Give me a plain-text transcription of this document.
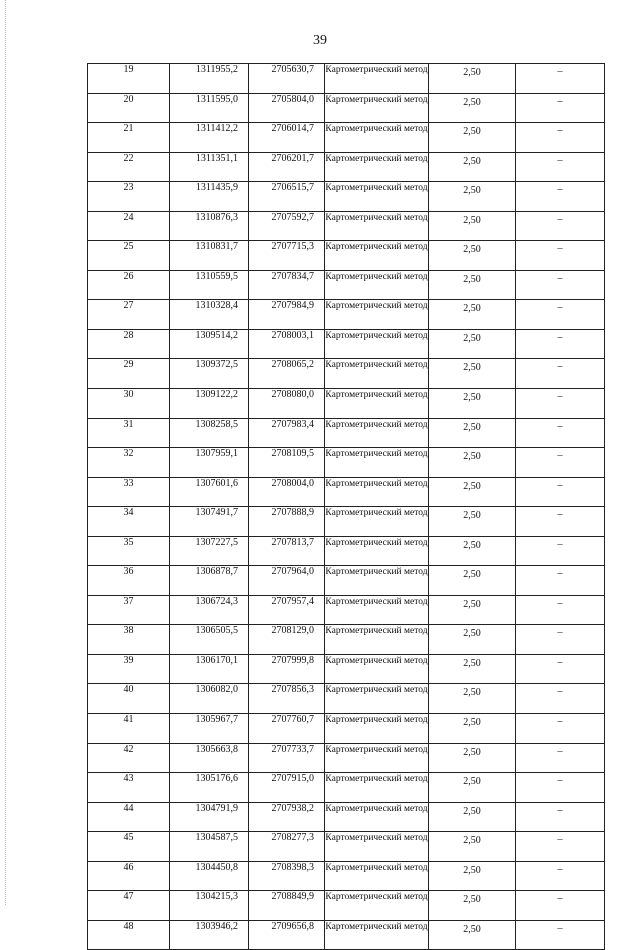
39
19	1311955,2	2705630,7	Картометрический метод	2,50	–
20	1311595,0	2705804,0	Картометрический метод	2,50	–
21	1311412,2	2706014,7	Картометрический метод	2,50	–
22	1311351,1	2706201,7	Картометрический метод	2,50	–
23	1311435,9	2706515,7	Картометрический метод	2,50	–
24	1310876,3	2707592,7	Картометрический метод	2,50	–
25	1310831,7	2707715,3	Картометрический метод	2,50	–
26	1310559,5	2707834,7	Картометрический метод	2,50	–
27	1310328,4	2707984,9	Картометрический метод	2,50	–
28	1309514,2	2708003,1	Картометрический метод	2,50	–
29	1309372,5	2708065,2	Картометрический метод	2,50	–
30	1309122,2	2708080,0	Картометрический метод	2,50	–
31	1308258,5	2707983,4	Картометрический метод	2,50	–
32	1307959,1	2708109,5	Картометрический метод	2,50	–
33	1307601,6	2708004,0	Картометрический метод	2,50	–
34	1307491,7	2707888,9	Картометрический метод	2,50	–
35	1307227,5	2707813,7	Картометрический метод	2,50	–
36	1306878,7	2707964,0	Картометрический метод	2,50	–
37	1306724,3	2707957,4	Картометрический метод	2,50	–
38	1306505,5	2708129,0	Картометрический метод	2,50	–
39	1306170,1	2707999,8	Картометрический метод	2,50	–
40	1306082,0	2707856,3	Картометрический метод	2,50	–
41	1305967,7	2707760,7	Картометрический метод	2,50	–
42	1305663,8	2707733,7	Картометрический метод	2,50	–
43	1305176,6	2707915,0	Картометрический метод	2,50	–
44	1304791,9	2707938,2	Картометрический метод	2,50	–
45	1304587,5	2708277,3	Картометрический метод	2,50	–
46	1304450,8	2708398,3	Картометрический метод	2,50	–
47	1304215,3	2708849,9	Картометрический метод	2,50	–
48	1303946,2	2709656,8	Картометрический метод	2,50	–
